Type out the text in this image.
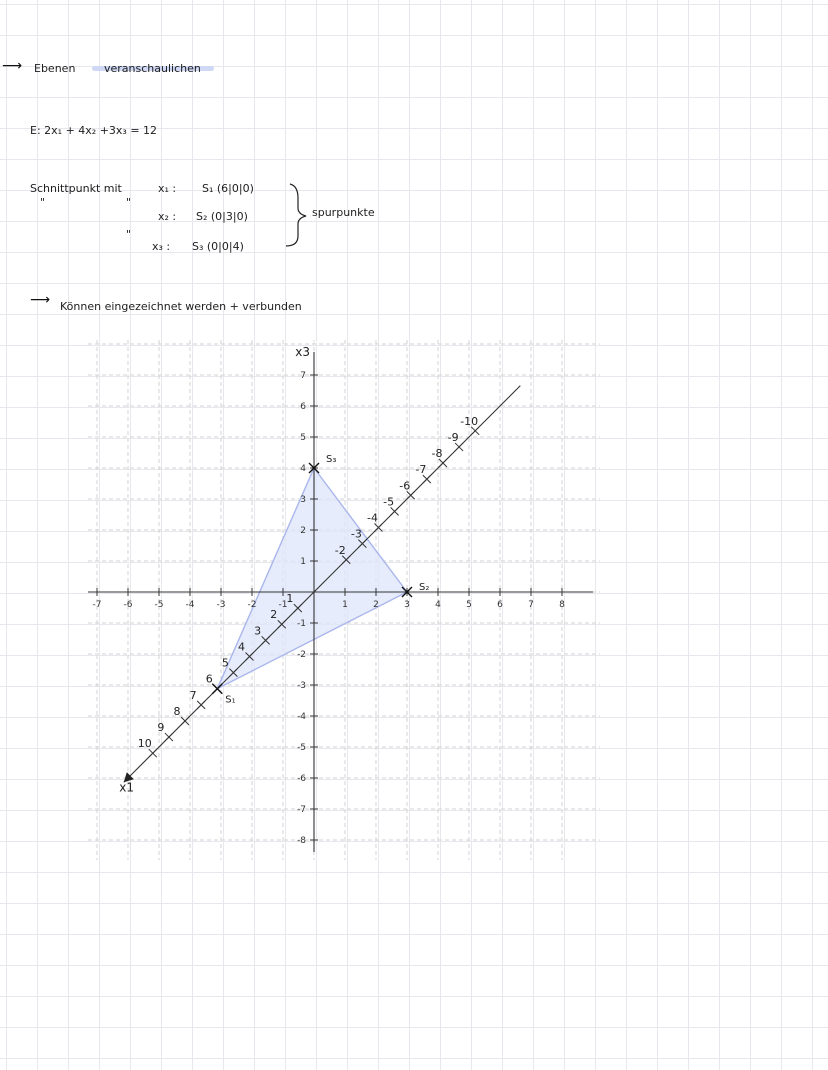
⟶ Ebenen	veranschaulichen
E: 2x₁ + 4x₂ +3x₃ = 12
Schnittpunkt mit
"	"
"
x₁ : S₁ (6|0|0)
x₂ : S₂ (0|3|0)
x₃ : S₃ (0|0|4)
spurpunkte
⟶ Können eingezeichnet werden + verbunden
-7 -6 -5 -4 -3 -2 -1	1	2	3	4	5	6	7	8
-8
-7
-6
-5
-4
-3
-2
-1
1
2
3
4
5
6
7
-10
-9
-8
-7
-6
-5
-4
-3
-2
1
2
3
4
5
6
7
8
9
10
x1
x3
S₁
S₂
S₃
